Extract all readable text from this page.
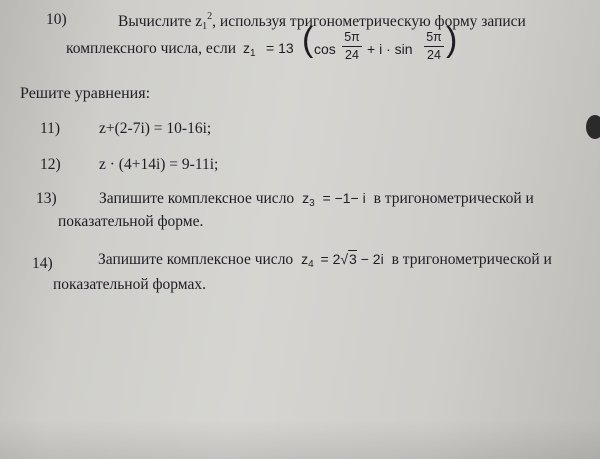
10)	Вычислите $z_1^2$, используя тригонометрическую форму записи
комплексного числа, если $z_1 = 13$ ( $\cos \frac{5\pi}{24} + i \cdot \sin \frac{5\pi}{24}$ )
Решите уравнения:
11)	z+(2-7i) = 10-16i;
12) z · (4+14i) = 9-11i;
13)	Запишите комплексное число $z_3 = -1- i$ в тригонометрической и
показательной форме.
14)	Запишите комплексное число $z_4 = 2√3 - 2i$ в тригонометрической и
показательной формах.
